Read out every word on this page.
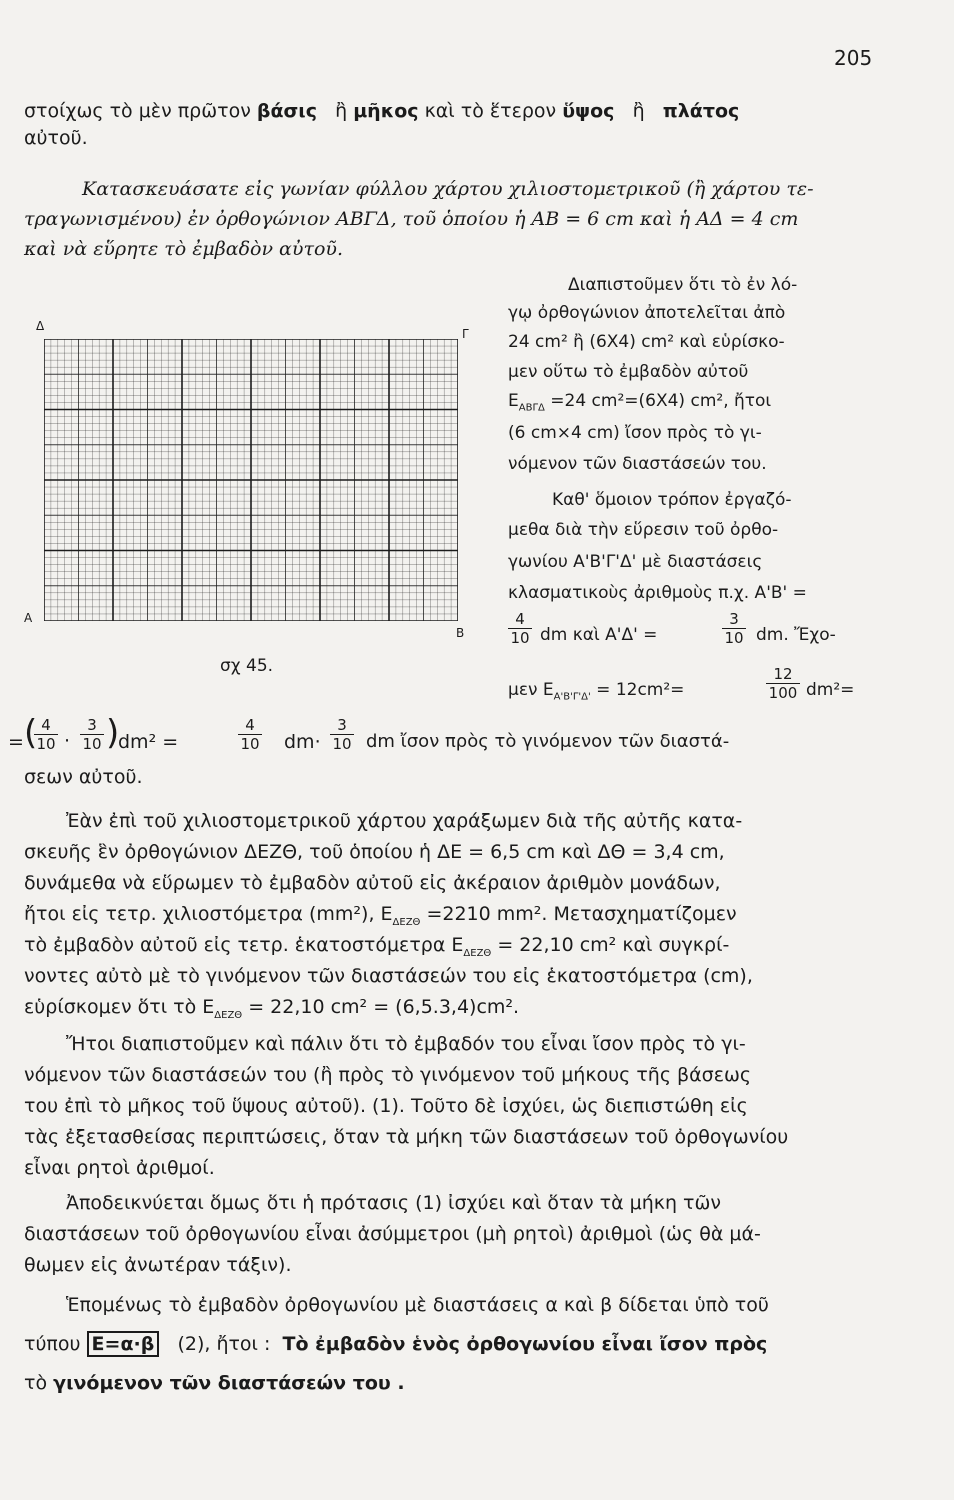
205
στοίχως τὸ μὲν πρῶτον βάσις ἢ μῆκος καὶ τὸ ἕτερον ὕψος ἢ πλάτος
αὐτοῦ.
Κατασκευάσατε εἰς γωνίαν φύλλου χάρτου χιλιοστομετρικοῦ (ἢ χάρτου τε-
τραγωνισμένου) ἐν ὀρθογώνιον ΑΒΓΔ, τοῦ ὁποίου ἡ ΑΒ = 6 cm καὶ ἡ ΑΔ = 4 cm
καὶ νὰ εὕρητε τὸ ἐμβαδὸν αὐτοῦ.
Δ
Γ
Α
Β
σχ 45.
Διαπιστοῦμεν ὅτι τὸ ἐν λό-
γῳ ὀρθογώνιον ἀποτελεῖται ἀπὸ
24 cm² ἢ (6Χ4) cm² καὶ εὑρίσκο-
μεν οὕτω τὸ ἐμβαδὸν αὐτοῦ
$E_{AB\Gamma\Delta} =24$ cm²=(6Χ4) cm², ἤτοι
(6 cm×4 cm) ἴσον πρὸς τὸ γι-
νόμενον τῶν διαστάσεών του.
Καθ' ὅμοιον τρόπον ἐργαζό-
μεθα διὰ τὴν εὕρεσιν τοῦ ὀρθο-
γωνίου Α'Β'Γ'Δ' μὲ διαστάσεις
κλασματικοὺς ἀριθμοὺς π.χ. Α'Β' =
$\frac{4}{10}$ dm καὶ Α'Δ' =	$\frac{3}{10}$ dm. Ἔχο-
μεν $E_{A'B'\Gamma'\Delta'} = 12cm^2=$	$\frac{12}{100} dm^2=$
= (
$\frac{4}{10} \cdot \frac{3}{10}$ )
dm² =	$\frac{4}{10} dm\cdot \frac{3}{10}$ dm ἴσον πρὸς τὸ γινόμενον τῶν διαστά-
σεων αὐτοῦ.
Ἐὰν ἐπὶ τοῦ χιλιοστομετρικοῦ χάρτου χαράξωμεν διὰ τῆς αὐτῆς κατα-
σκευῆς ἓν ὀρθογώνιον ΔΕΖΘ, τοῦ ὁποίου ἡ ΔΕ = 6,5 cm καὶ ΔΘ = 3,4 cm,
δυνάμεθα νὰ εὕρωμεν τὸ ἐμβαδὸν αὐτοῦ εἰς ἀκέραιον ἀριθμὸν μονάδων,
ἤτοι εἰς τετρ. χιλιοστόμετρα (mm²), $E_{\Delta EZ\Theta} =2210$ mm². Μετασχηματίζομεν
τὸ ἐμβαδὸν αὐτοῦ εἰς τετρ. ἑκατοστόμετρα $E_{\Delta EZ\Theta} = 22,10$ cm² καὶ συγκρί-
νοντες αὐτὸ μὲ τὸ γινόμενον τῶν διαστάσεών του εἰς ἑκατοστόμετρα (cm),
εὑρίσκομεν ὅτι τὸ $E_{\Delta EZ\Theta} = 22,10$ cm² = (6,5.3,4)cm².
Ἤτοι διαπιστοῦμεν καὶ πάλιν ὅτι τὸ ἐμβαδόν του εἶναι ἴσον πρὸς τὸ γι-
νόμενον τῶν διαστάσεών του (ἢ πρὸς τὸ γινόμενον τοῦ μήκους τῆς βάσεως
του ἐπὶ τὸ μῆκος τοῦ ὕψους αὐτοῦ). (1). Τοῦτο δὲ ἰσχύει, ὡς διεπιστώθη εἰς
τὰς ἐξετασθείσας περιπτώσεις, ὅταν τὰ μήκη τῶν διαστάσεων τοῦ ὀρθογωνίου
εἶναι ρητοὶ ἀριθμοί.
Ἀποδεικνύεται ὅμως ὅτι ἡ πρότασις (1) ἰσχύει καὶ ὅταν τὰ μήκη τῶν
διαστάσεων τοῦ ὀρθογωνίου εἶναι ἀσύμμετροι (μὴ ρητοὶ) ἀριθμοὶ (ὡς θὰ μά-
θωμεν εἰς ἀνωτέραν τάξιν).
Ἑπομένως τὸ ἐμβαδὸν ὀρθογωνίου μὲ διαστάσεις α καὶ β δίδεται ὑπὸ τοῦ
τύπου Ε=α·β (2), ἤτοι : Τὸ ἐμβαδὸν ἑνὸς ὀρθογωνίου εἶναι ἴσον πρὸς
τὸ γινόμενον τῶν διαστάσεών του .
